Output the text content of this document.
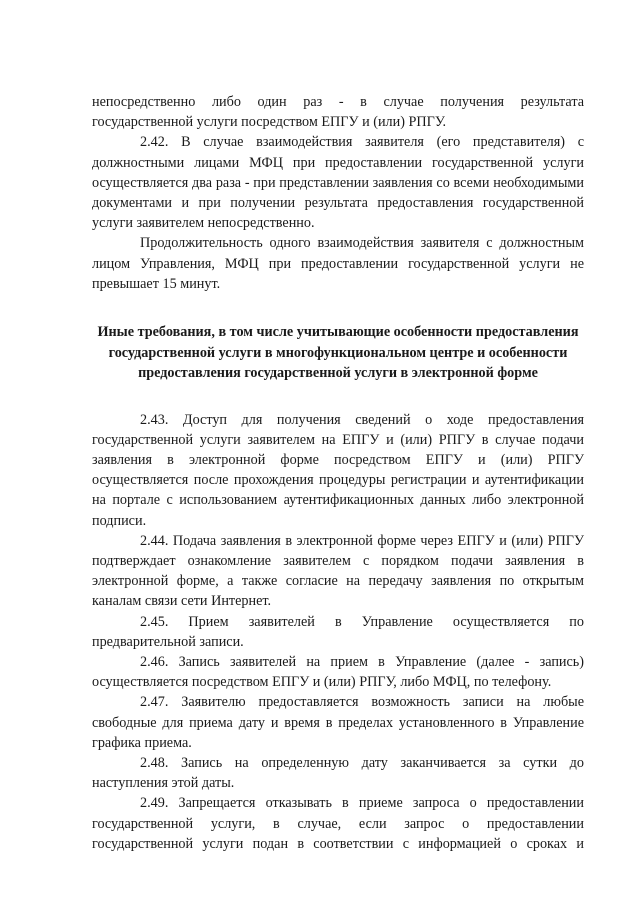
непосредственно либо один раз - в случае получения результата государственной услуги посредством ЕПГУ и (или) РПГУ.

2.42. В случае взаимодействия заявителя (его представителя) с должностными лицами МФЦ при предоставлении государственной услуги осуществляется два раза - при представлении заявления со всеми необходимыми документами и при получении результата предоставления государственной услуги заявителем непосредственно.

Продолжительность одного взаимодействия заявителя с должностным лицом Управления, МФЦ при предоставлении государственной услуги не превышает 15 минут.

Иные требования, в том числе учитывающие особенности предоставления государственной услуги в многофункциональном центре и особенности предоставления государственной услуги в электронной форме

2.43. Доступ для получения сведений о ходе предоставления государственной услуги заявителем на ЕПГУ и (или) РПГУ в случае подачи заявления в электронной форме посредством ЕПГУ и (или) РПГУ осуществляется после прохождения процедуры регистрации и аутентификации на портале с использованием аутентификационных данных либо электронной подписи.

2.44. Подача заявления в электронной форме через ЕПГУ и (или) РПГУ подтверждает ознакомление заявителем с порядком подачи заявления в электронной форме, а также согласие на передачу заявления по открытым каналам связи сети Интернет.

2.45. Прием заявителей в Управление осуществляется по предварительной записи.

2.46. Запись заявителей на прием в Управление (далее - запись) осуществляется посредством ЕПГУ и (или) РПГУ, либо МФЦ, по телефону.

2.47. Заявителю предоставляется возможность записи на любые свободные для приема дату и время в пределах установленного в Управление графика приема.

2.48. Запись на определенную дату заканчивается за сутки до наступления этой даты.

2.49. Запрещается отказывать в приеме запроса о предоставлении государственной услуги, в случае, если запрос о предоставлении государственной услуги подан в соответствии с информацией о сроках и
